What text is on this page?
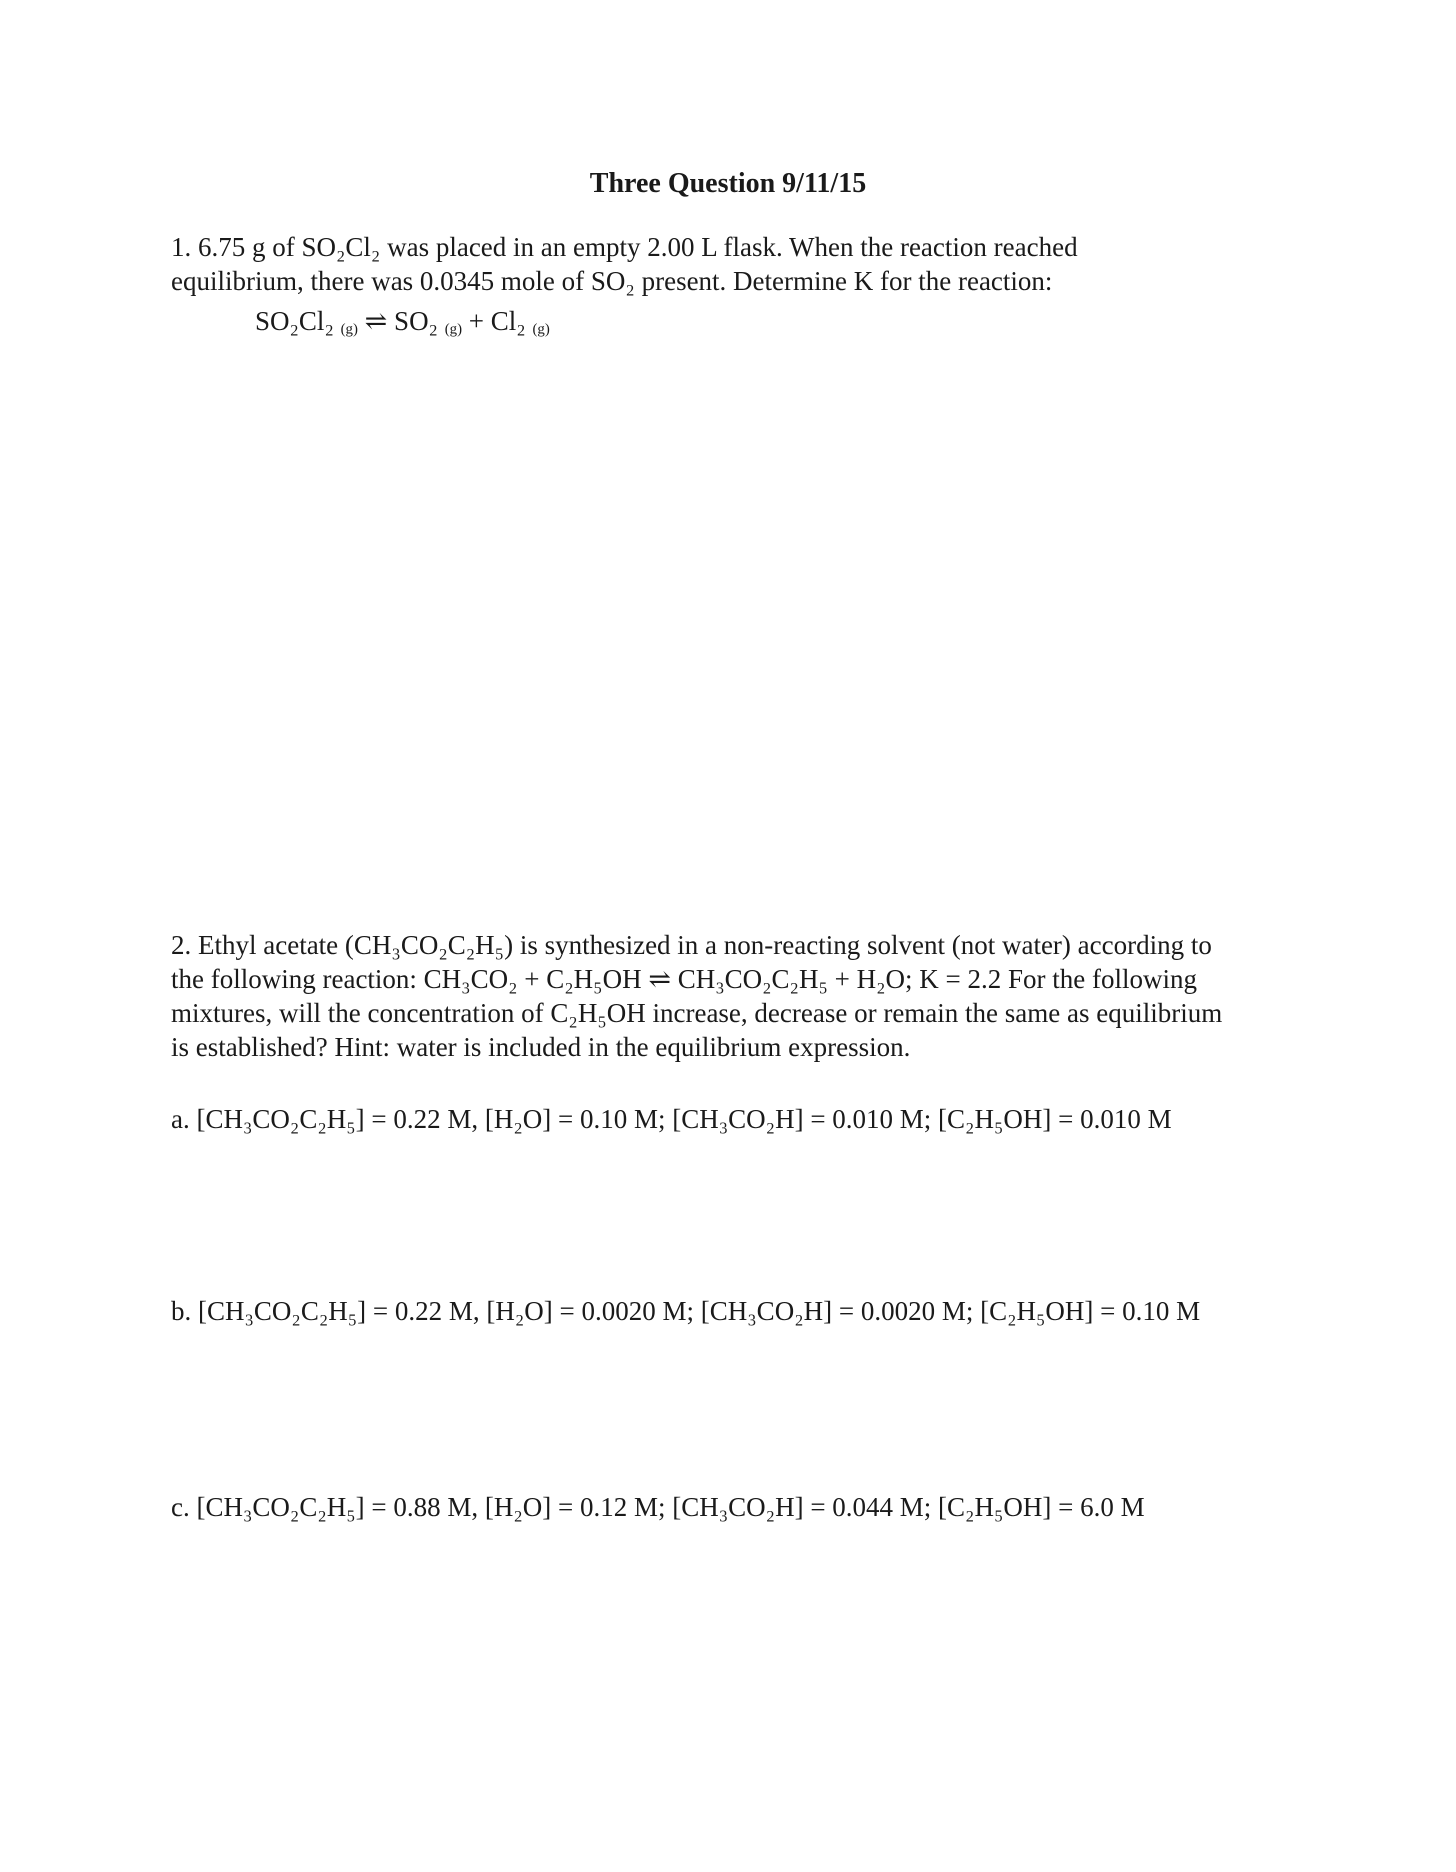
Three Question 9/11/15
1. 6.75 g of SO₂Cl₂ was placed in an empty 2.00 L flask. When the reaction reached
equilibrium, there was 0.0345 mole of SO₂ present. Determine K for the reaction:
SO₂Cl₂ (g) ⇌ SO₂ (g) + Cl₂ (g)
2. Ethyl acetate (CH₃CO₂C₂H₅) is synthesized in a non-reacting solvent (not water) according to
the following reaction: CH₃CO₂ + C₂H₅OH ⇌ CH₃CO₂C₂H₅ + H₂O; K = 2.2 For the following
mixtures, will the concentration of C₂H₅OH increase, decrease or remain the same as equilibrium
is established? Hint: water is included in the equilibrium expression.
a. [CH₃CO₂C₂H₅] = 0.22 M, [H₂O] = 0.10 M; [CH₃CO₂H] = 0.010 M; [C₂H₅OH] = 0.010 M
b. [CH₃CO₂C₂H₅] = 0.22 M, [H₂O] = 0.0020 M; [CH₃CO₂H] = 0.0020 M; [C₂H₅OH] = 0.10 M
c. [CH₃CO₂C₂H₅] = 0.88 M, [H₂O] = 0.12 M; [CH₃CO₂H] = 0.044 M; [C₂H₅OH] = 6.0 M
